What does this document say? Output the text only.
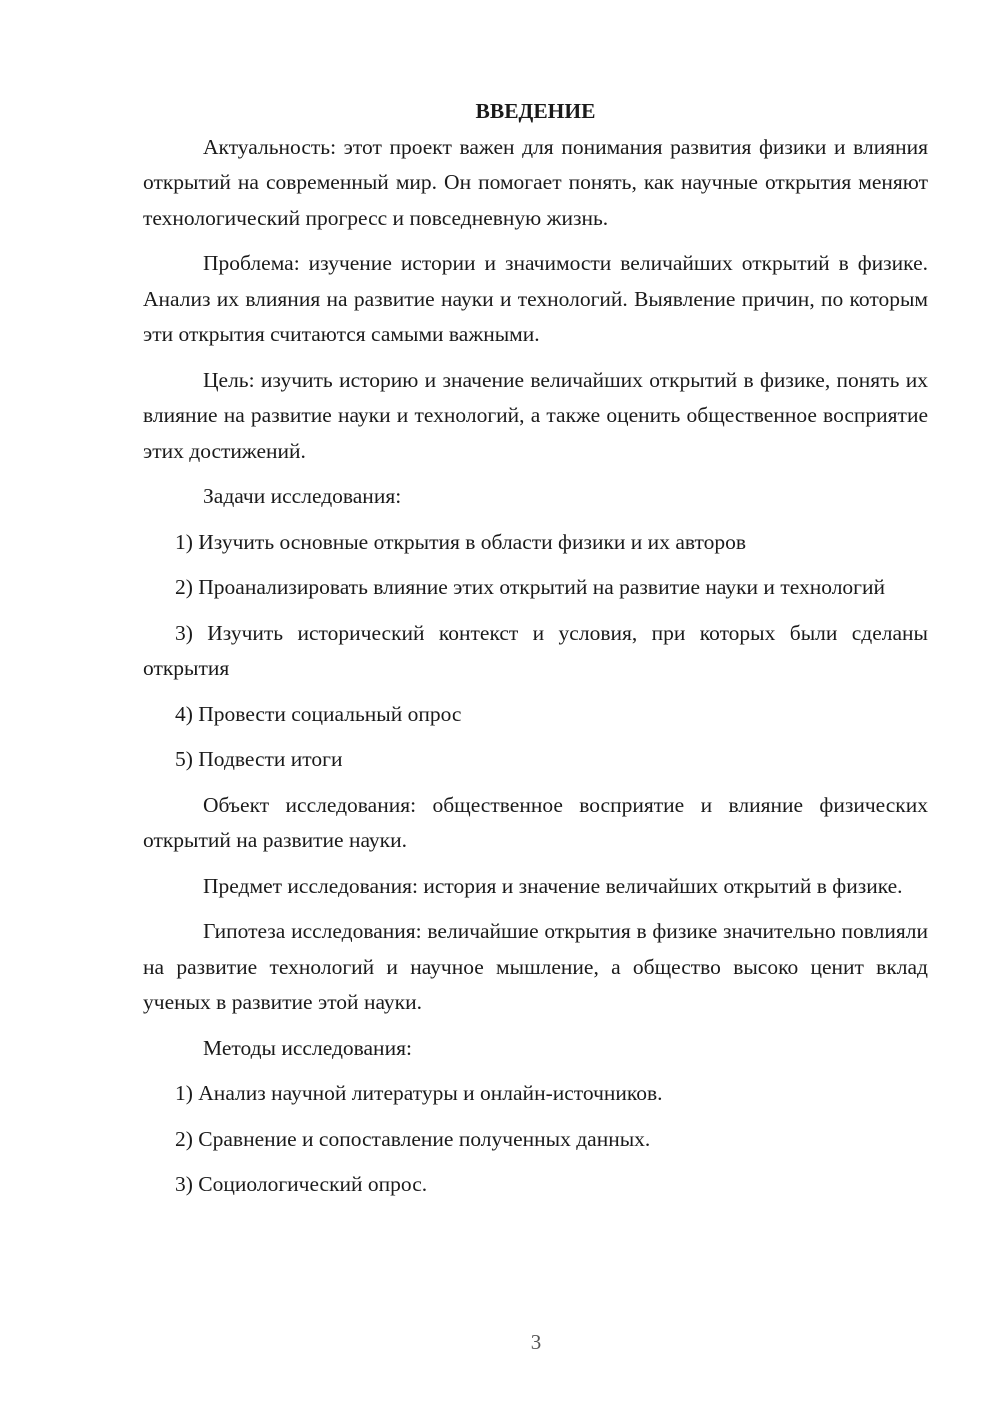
ВВЕДЕНИЕ

Актуальность: этот проект важен для понимания развития физики и влияния открытий на современный мир. Он помогает понять, как научные открытия меняют технологический прогресс и повседневную жизнь.

Проблема: изучение истории и значимости величайших открытий в физике. Анализ их влияния на развитие науки и технологий. Выявление причин, по которым эти открытия считаются самыми важными.

Цель: изучить историю и значение величайших открытий в физике, понять их влияние на развитие науки и технологий, а также оценить общественное восприятие этих достижений.

Задачи исследования:

1) Изучить основные открытия в области физики и их авторов
2) Проанализировать влияние этих открытий на развитие науки и технологий
3) Изучить исторический контекст и условия, при которых были сделаны открытия
4) Провести социальный опрос
5) Подвести итоги

Объект исследования: общественное восприятие и влияние физических открытий на развитие науки.

Предмет исследования: история и значение величайших открытий в физике.

Гипотеза исследования: величайшие открытия в физике значительно повлияли на развитие технологий и научное мышление, а общество высоко ценит вклад ученых в развитие этой науки.

Методы исследования:

1) Анализ научной литературы и онлайн-источников.
2) Сравнение и сопоставление полученных данных.
3) Социологический опрос.
3
